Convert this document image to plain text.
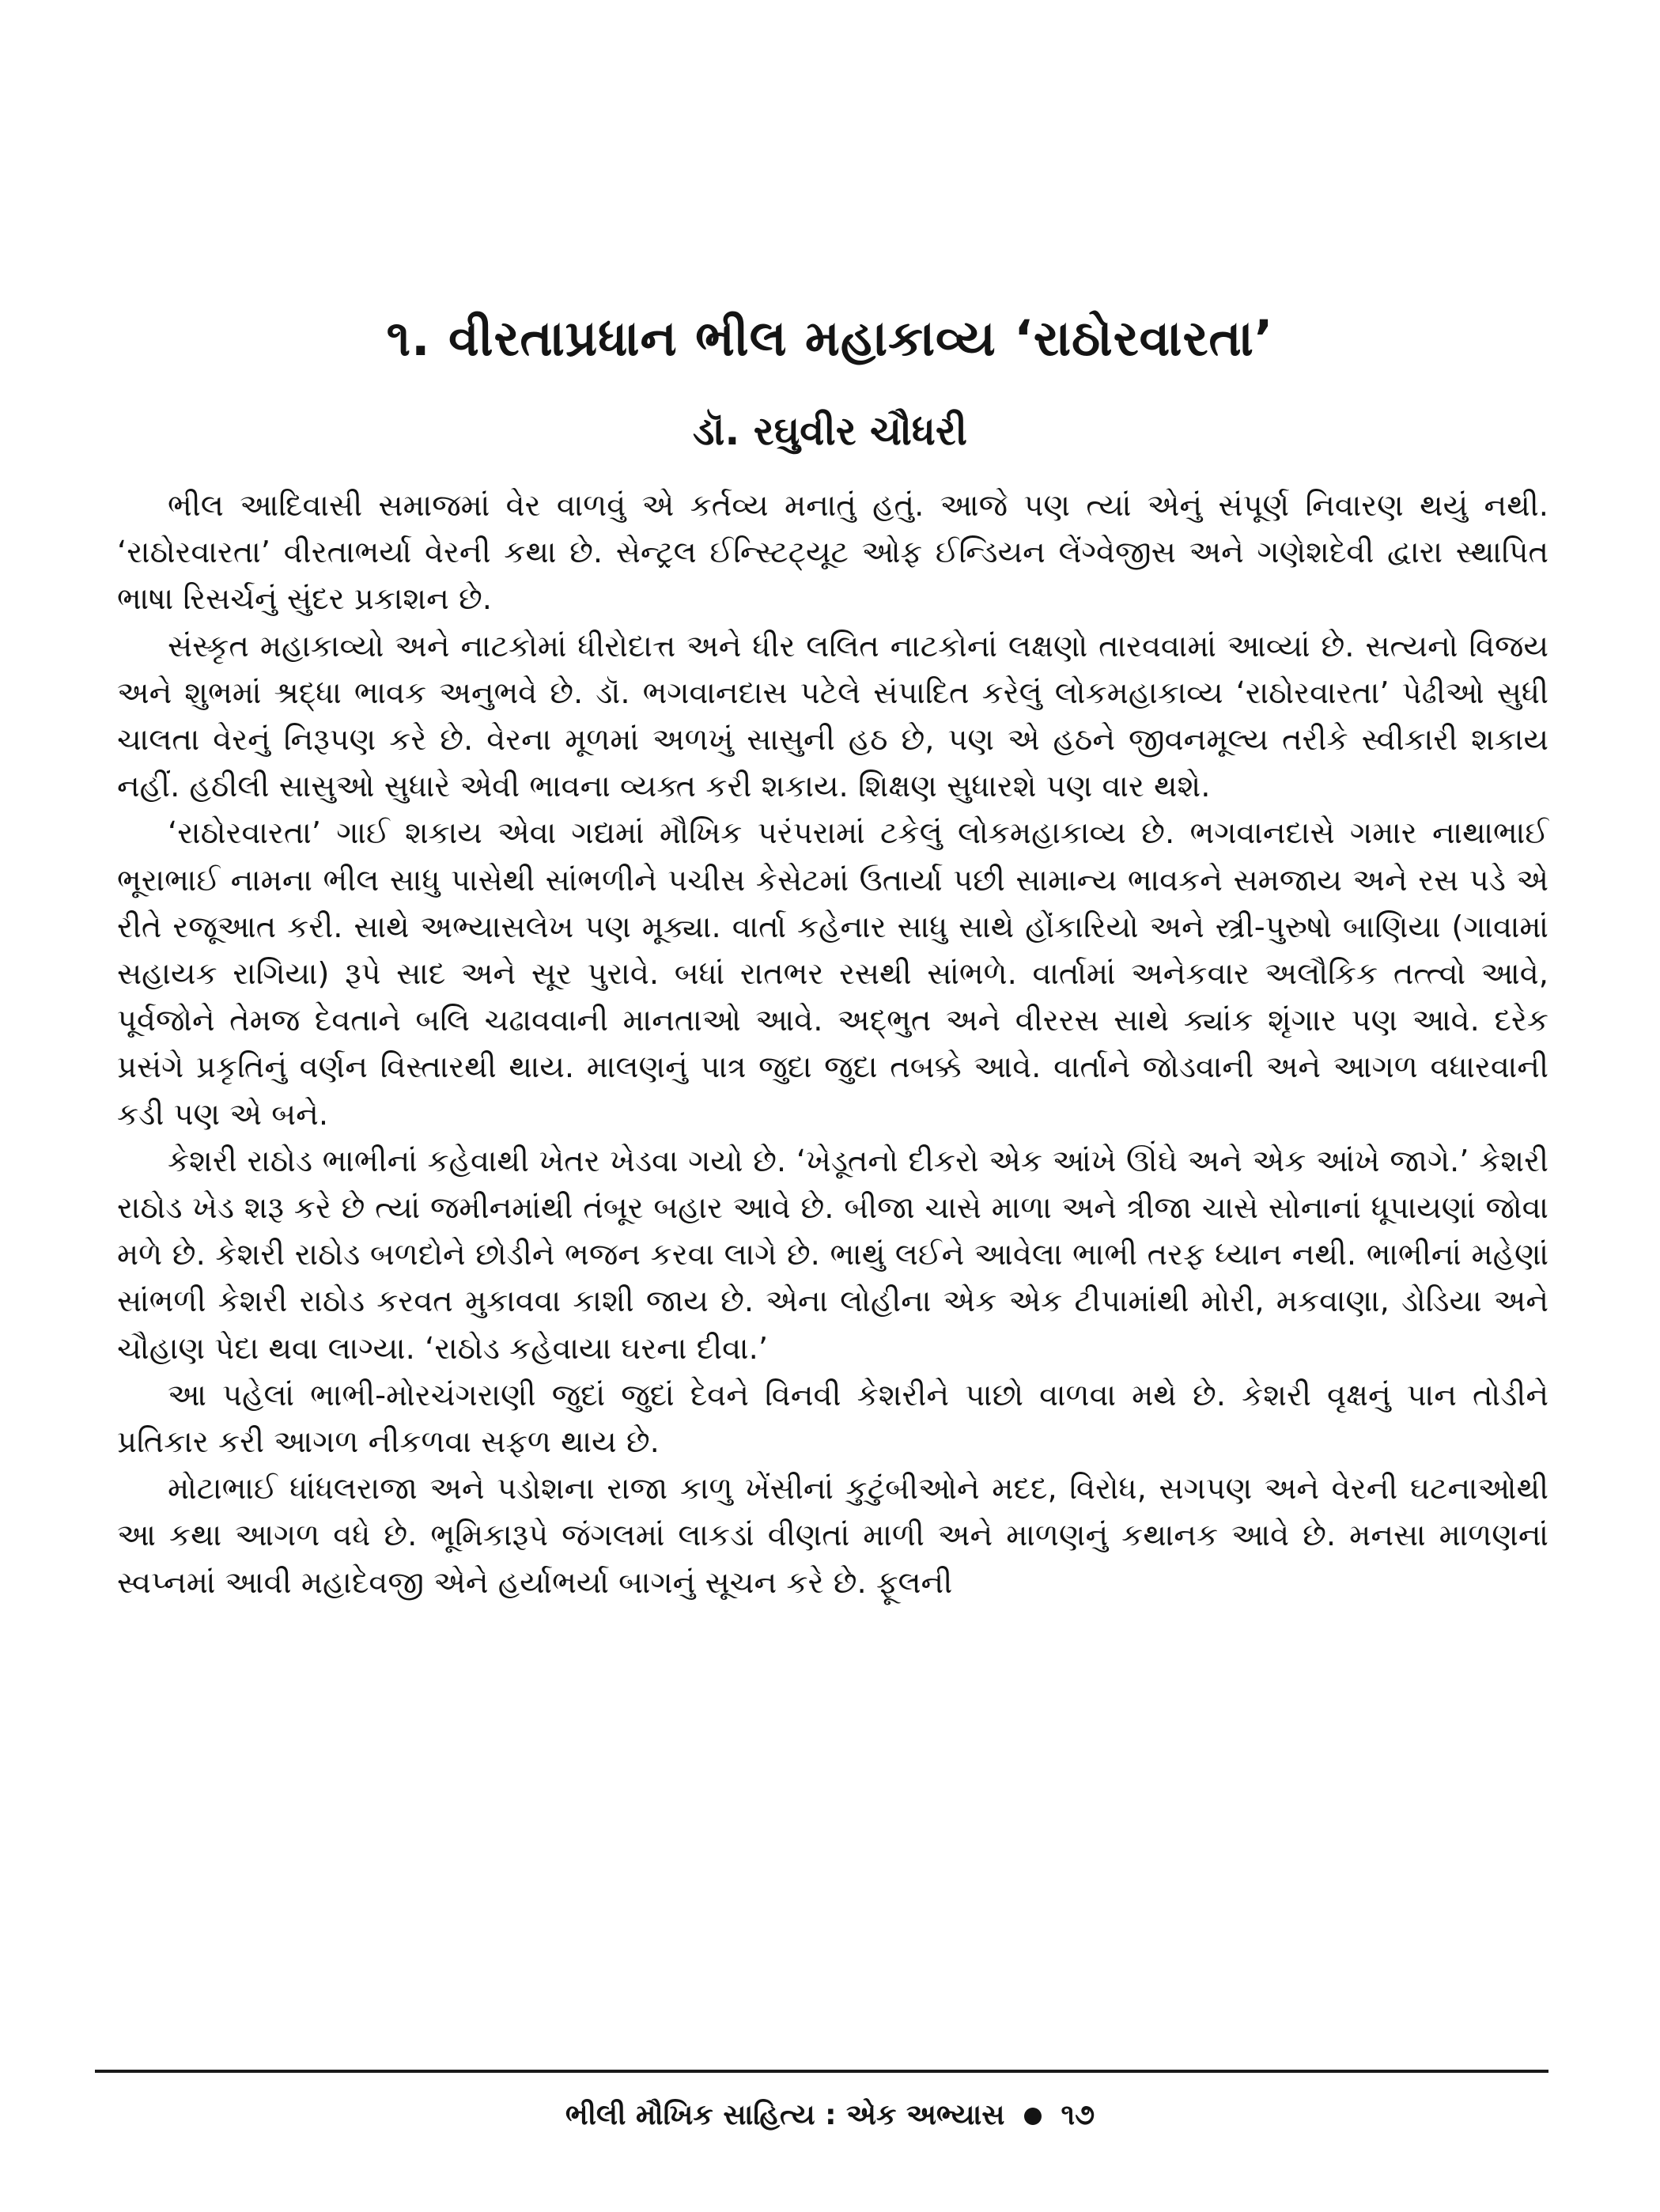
૧. વીરતાપ્રધાન ભીલ મહાકાવ્ય ‘રાઠોરવારતા’
ડૉ. રઘુવીર ચૌધરી

ભીલ આદિવાસી સમાજમાં વેર વાળવું એ કર્તવ્ય મનાતું હતું. આજે પણ ત્યાં એનું સંપૂર્ણ નિવારણ થયું નથી. ‘રાઠોરવારતા’ વીરતાભર્યા વેરની કથા છે. સેન્ટ્રલ ઈન્સ્ટિટ્યૂટ ઓફ ઈન્ડિયન લેંગ્વેજીસ અને ગણેશદેવી દ્વારા સ્થાપિત ભાષા રિસર્ચનું સુંદર પ્રકાશન છે.

સંસ્કૃત મહાકાવ્યો અને નાટકોમાં ધીરોદાત્ત અને ધીર લલિત નાટકોનાં લક્ષણો તારવવામાં આવ્યાં છે. સત્યનો વિજય અને શુભમાં શ્રદ્ધા ભાવક અનુભવે છે. ડૉ. ભગવાનદાસ પટેલે સંપાદિત કરેલું લોકમહાકાવ્ય ‘રાઠોરવારતા’ પેઢીઓ સુધી ચાલતા વેરનું નિરૂપણ કરે છે. વેરના મૂળમાં અળખું સાસુની હઠ છે, પણ એ હઠને જીવનમૂલ્ય તરીકે સ્વીકારી શકાય નહીં. હઠીલી સાસુઓ સુધારે એવી ભાવના વ્યક્ત કરી શકાય. શિક્ષણ સુધારશે પણ વાર થશે.

‘રાઠોરવારતા’ ગાઈ શકાય એવા ગદ્યમાં મૌખિક પરંપરામાં ટકેલું લોકમહાકાવ્ય છે. ભગવાનદાસે ગમાર નાથાભાઈ ભૂરાભાઈ નામના ભીલ સાધુ પાસેથી સાંભળીને પચીસ કેસેટમાં ઉતાર્યા પછી સામાન્ય ભાવકને સમજાય અને રસ પડે એ રીતે રજૂઆત કરી. સાથે અભ્યાસલેખ પણ મૂક્યા. વાર્તા કહેનાર સાધુ સાથે હોંકારિયો અને સ્ત્રી-પુરુષો બાણિયા (ગાવામાં સહાયક રાગિયા) રૂપે સાદ અને સૂર પુરાવે. બધાં રાતભર રસથી સાંભળે. વાર્તામાં અનેકવાર અલૌકિક તત્ત્વો આવે, પૂર્વજોને તેમજ દેવતાને બલિ ચઢાવવાની માનતાઓ આવે. અદ્‌ભુત અને વીરરસ સાથે ક્યાંક શૃંગાર પણ આવે. દરેક પ્રસંગે પ્રકૃતિનું વર્ણન વિસ્તારથી થાય. માલણનું પાત્ર જુદા જુદા તબક્કે આવે. વાર્તાને જોડવાની અને આગળ વધારવાની કડી પણ એ બને.

કેશરી રાઠોડ ભાભીનાં કહેવાથી ખેતર ખેડવા ગયો છે. ‘ખેડૂતનો દીકરો એક આંખે ઊંઘે અને એક આંખે જાગે.’ કેશરી રાઠોડ ખેડ શરૂ કરે છે ત્યાં જમીનમાંથી તંબૂર બહાર આવે છે. બીજા ચાસે માળા અને ત્રીજા ચાસે સોનાનાં ધૂપાયણાં જોવા મળે છે. કેશરી રાઠોડ બળદોને છોડીને ભજન કરવા લાગે છે. ભાથું લઈને આવેલા ભાભી તરફ ધ્યાન નથી. ભાભીનાં મહેણાં સાંભળી કેશરી રાઠોડ કરવત મુકાવવા કાશી જાય છે. એના લોહીના એક એક ટીપામાંથી મોરી, મકવાણા, ડોડિયા અને ચૌહાણ પેદા થવા લાગ્યા. ‘રાઠોડ કહેવાયા ઘરના દીવા.’

આ પહેલાં ભાભી-મોરચંગરાણી જુદાં જુદાં દેવને વિનવી કેશરીને પાછો વાળવા મથે છે. કેશરી વૃક્ષનું પાન તોડીને પ્રતિકાર કરી આગળ નીકળવા સફળ થાય છે.

મોટાભાઈ ધાંધલરાજા અને પડોશના રાજા કાળુ ખેંસીનાં કુટુંબીઓને મદદ, વિરોધ, સગપણ અને વેરની ઘટનાઓથી આ કથા આગળ વધે છે. ભૂમિકારૂપે જંગલમાં લાકડાં વીણતાં માળી અને માળણનું કથાનક આવે છે. મનસા માળણનાં સ્વપ્નમાં આવી મહાદેવજી એને હર્યાભર્યા બાગનું સૂચન કરે છે. ફૂલની

ભીલી મૌખિક સાહિત્ય : એક અભ્યાસ ૧૭
